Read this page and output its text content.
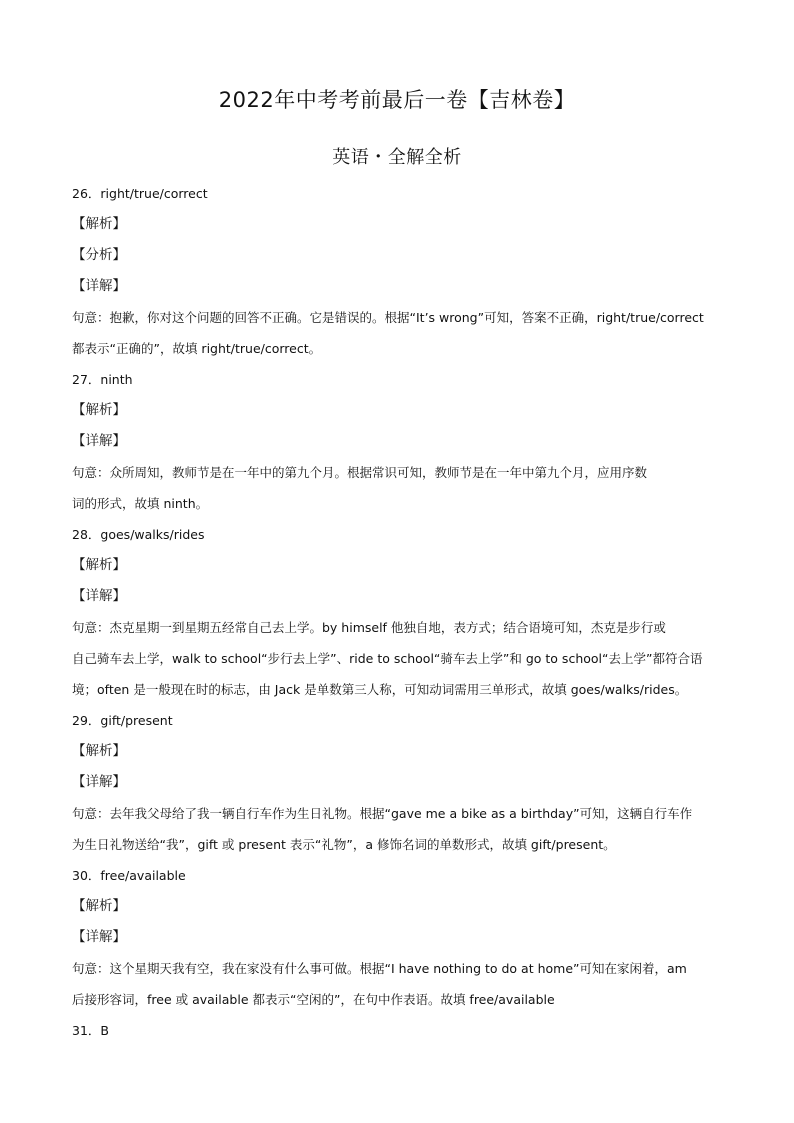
2022年中考考前最后一卷【吉林卷】
英语・全解全析
26．right/true/correct
【解析】
【分析】
【详解】
句意：抱歉，你对这个问题的回答不正确。它是错误的。根据“It’s wrong”可知，答案不正确，right/true/correct
都表示“正确的”，故填 right/true/correct。
27．ninth
【解析】
【详解】
句意：众所周知，教师节是在一年中的第九个月。根据常识可知，教师节是在一年中第九个月，应用序数
词的形式，故填 ninth。
28．goes/walks/rides
【解析】
【详解】
句意：杰克星期一到星期五经常自己去上学。by himself 他独自地，表方式；结合语境可知，杰克是步行或
自己骑车去上学，walk to school“步行去上学”、ride to school“骑车去上学”和 go to school“去上学”都符合语
境；often 是一般现在时的标志，由 Jack 是单数第三人称，可知动词需用三单形式，故填 goes/walks/rides。
29．gift/present
【解析】
【详解】
句意：去年我父母给了我一辆自行车作为生日礼物。根据“gave me a bike as a birthday”可知，这辆自行车作
为生日礼物送给“我”，gift 或 present 表示“礼物”，a 修饰名词的单数形式，故填 gift/present。
30．free/available
【解析】
【详解】
句意：这个星期天我有空，我在家没有什么事可做。根据“I have nothing to do at home”可知在家闲着，am
后接形容词，free 或 available 都表示“空闲的”，在句中作表语。故填 free/available
31．B
